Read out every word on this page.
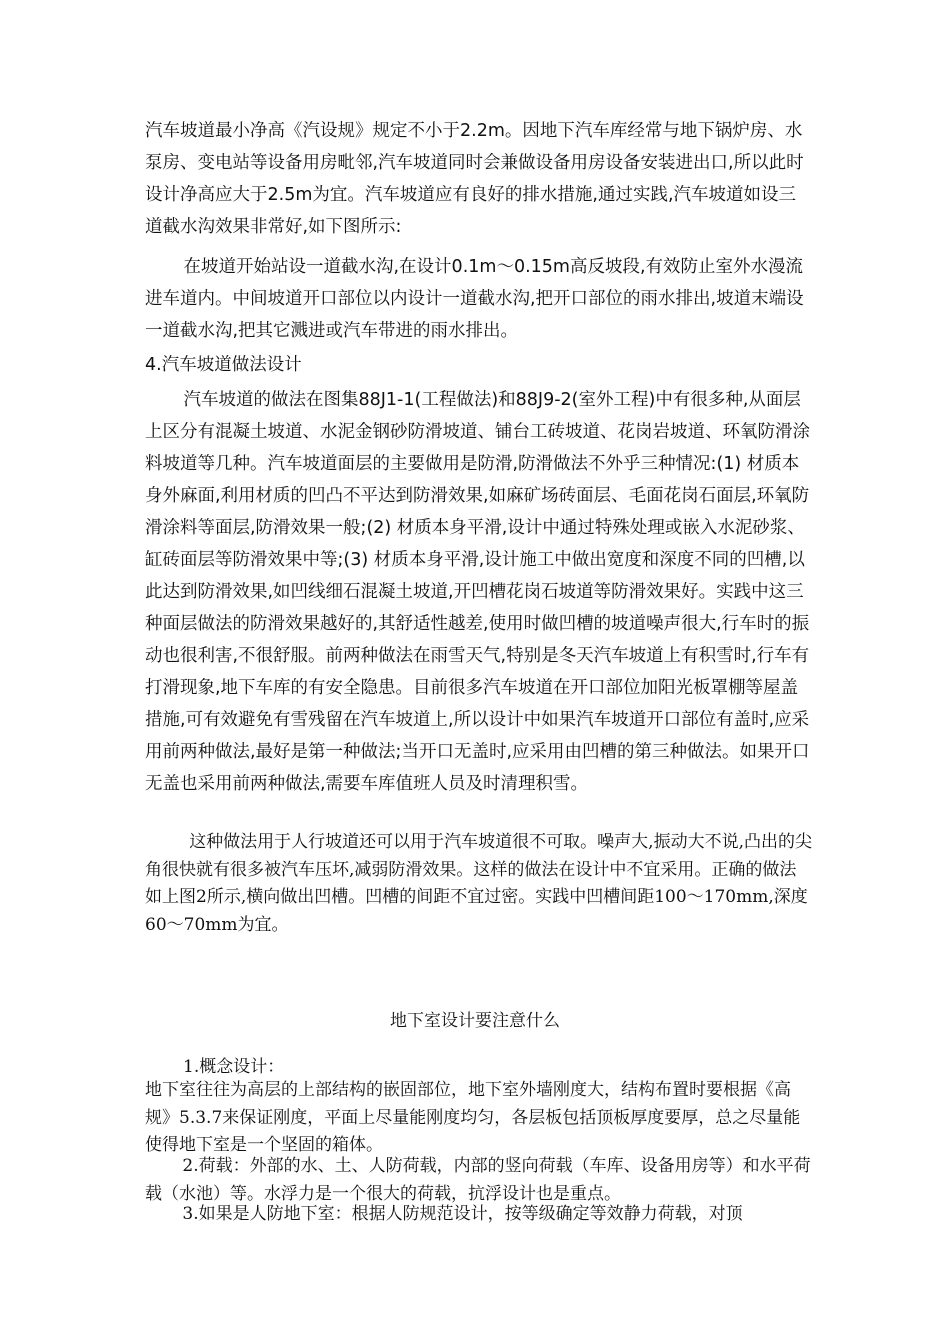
汽车坡道最小净高《汽设规》规定不小于2.2m。因地下汽车库经常与地下锅炉房、水泵房、变电站等设备用房毗邻,汽车坡道同时会兼做设备用房设备安装进出口,所以此时设计净高应大于2.5m为宜。汽车坡道应有良好的排水措施,通过实践,汽车坡道如设三道截水沟效果非常好,如下图所示:

在坡道开始站设一道截水沟,在设计0.1m～0.15m高反坡段,有效防止室外水漫流进车道内。中间坡道开口部位以内设计一道截水沟,把开口部位的雨水排出,坡道末端设一道截水沟,把其它溅进或汽车带进的雨水排出。

4.汽车坡道做法设计

汽车坡道的做法在图集88J1-1(工程做法)和88J9-2(室外工程)中有很多种,从面层上区分有混凝土坡道、水泥金钢砂防滑坡道、铺台工砖坡道、花岗岩坡道、环氧防滑涂料坡道等几种。汽车坡道面层的主要做用是防滑,防滑做法不外乎三种情况:(1) 材质本身外麻面,利用材质的凹凸不平达到防滑效果,如麻矿场砖面层、毛面花岗石面层,环氧防滑涂料等面层,防滑效果一般;(2) 材质本身平滑,设计中通过特殊处理或嵌入水泥砂浆、缸砖面层等防滑效果中等;(3) 材质本身平滑,设计施工中做出宽度和深度不同的凹槽,以此达到防滑效果,如凹线细石混凝土坡道,开凹槽花岗石坡道等防滑效果好。实践中这三种面层做法的防滑效果越好的,其舒适性越差,使用时做凹槽的坡道噪声很大,行车时的振动也很利害,不很舒服。前两种做法在雨雪天气,特别是冬天汽车坡道上有积雪时,行车有打滑现象,地下车库的有安全隐患。目前很多汽车坡道在开口部位加阳光板罩棚等屋盖措施,可有效避免有雪残留在汽车坡道上,所以设计中如果汽车坡道开口部位有盖时,应采用前两种做法,最好是第一种做法;当开口无盖时,应采用由凹槽的第三种做法。如果开口无盖也采用前两种做法,需要车库值班人员及时清理积雪。

这种做法用于人行坡道还可以用于汽车坡道很不可取。噪声大,振动大不说,凸出的尖角很快就有很多被汽车压坏,减弱防滑效果。这样的做法在设计中不宜采用。正确的做法如上图2所示,横向做出凹槽。凹槽的间距不宜过密。实践中凹槽间距100～170mm,深度60～70mm为宜。

地下室设计要注意什么

1.概念设计：

地下室往往为高层的上部结构的嵌固部位，地下室外墙刚度大，结构布置时要根据《高规》5.3.7来保证刚度，平面上尽量能刚度均匀，各层板包括顶板厚度要厚，总之尽量能使得地下室是一个坚固的箱体。

2.荷载：外部的水、土、人防荷载，内部的竖向荷载（车库、设备用房等）和水平荷载（水池）等。水浮力是一个很大的荷载，抗浮设计也是重点。

3.如果是人防地下室：根据人防规范设计，按等级确定等效静力荷载，对顶
